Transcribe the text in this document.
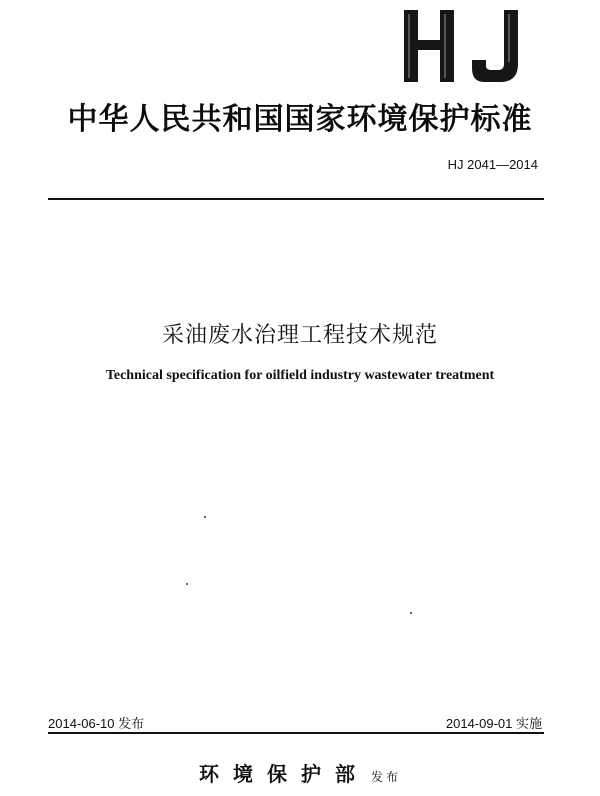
中华人民共和国国家环境保护标准
HJ 2041—2014
采油废水治理工程技术规范
Technical specification for oilfield industry wastewater treatment
2014-06-10 发布	2014-09-01 实施
环境保护部 发布
